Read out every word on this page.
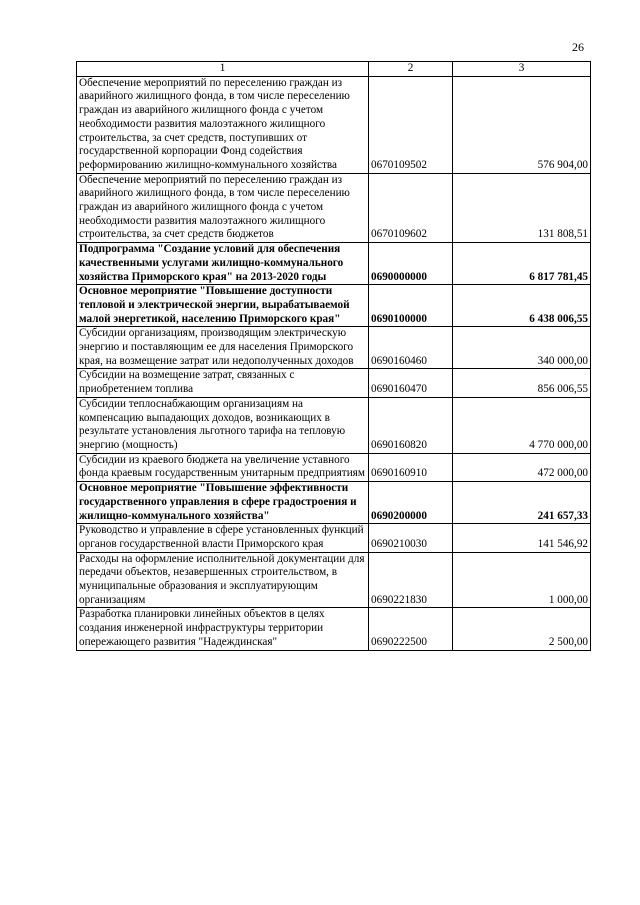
26
1	2	3
Обеспечение мероприятий по переселению граждан из аварийного жилищного фонда, в том числе переселению граждан из аварийного жилищного фонда с учетом необходимости развития малоэтажного жилищного строительства, за счет средств, поступивших от государственной корпорации Фонд содействия реформированию жилищно-коммунального хозяйства	0670109502	576 904,00
Обеспечение мероприятий по переселению граждан из аварийного жилищного фонда, в том числе переселению граждан из аварийного жилищного фонда с учетом необходимости развития малоэтажного жилищного строительства, за счет средств бюджетов	0670109602	131 808,51
Подпрограмма "Создание условий для обеспечения качественными услугами жилищно-коммунального хозяйства Приморского края" на 2013-2020 годы	0690000000	6 817 781,45
Основное мероприятие "Повышение доступности тепловой и электрической энергии, вырабатываемой малой энергетикой, населению Приморского края"	0690100000	6 438 006,55
Субсидии организациям, производящим электрическую энергию и поставляющим ее для населения Приморского края, на возмещение затрат или недополученных доходов	0690160460	340 000,00
Субсидии на возмещение затрат, связанных с приобретением топлива	0690160470	856 006,55
Субсидии теплоснабжающим организациям на компенсацию выпадающих доходов, возникающих в результате установления льготного тарифа на тепловую энергию (мощность)	0690160820	4 770 000,00
Субсидии из краевого бюджета на увеличение уставного фонда краевым государственным унитарным предприятиям	0690160910	472 000,00
Основное мероприятие "Повышение эффективности государственного управления в сфере градостроения и жилищно-коммунального хозяйства"	0690200000	241 657,33
Руководство и управление в сфере установленных функций органов государственной власти Приморского края	0690210030	141 546,92
Расходы на оформление исполнительной документации для передачи объектов, незавершенных строительством, в муниципальные образования и эксплуатирующим организациям	0690221830	1 000,00
Разработка планировки линейных объектов в целях создания инженерной инфраструктуры территории опережающего развития "Надеждинская"	0690222500	2 500,00
